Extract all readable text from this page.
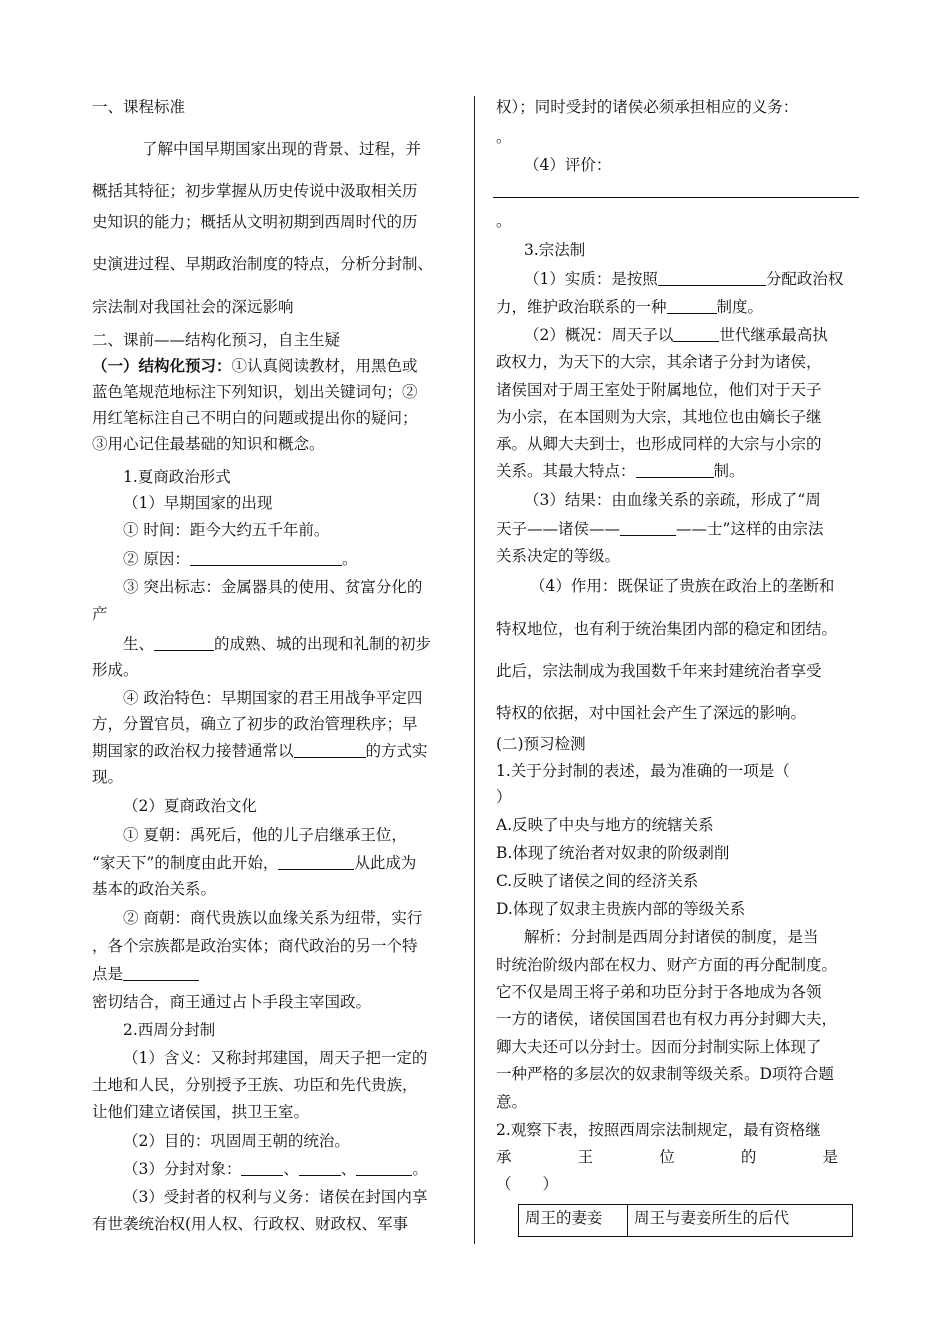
一、课程标准
了解中国早期国家出现的背景、过程，并
概括其特征；初步掌握从历史传说中汲取相关历
史知识的能力；概括从文明初期到西周时代的历
史演进过程、早期政治制度的特点，分析分封制、
宗法制对我国社会的深远影响
二、课前——结构化预习，自主生疑
（一）结构化预习：①认真阅读教材，用黑色或
蓝色笔规范地标注下列知识，划出关键词句；②
用红笔标注自己不明白的问题或提出你的疑问；
③用心记住最基础的知识和概念。
1.夏商政治形式
（1）早期国家的出现
① 时间：距今大约五千年前。
② 原因：	。
③ 突出标志：金属器具的使用、贫富分化的
产
生、	的成熟、城的出现和礼制的初步
形成。
④ 政治特色：早期国家的君王用战争平定四
方，分置官员，确立了初步的政治管理秩序；早
期国家的政治权力接替通常以	的方式实
现。
（2）夏商政治文化
① 夏朝：禹死后，他的儿子启继承王位，
“家天下”的制度由此开始，	从此成为
基本的政治关系。
② 商朝：商代贵族以血缘关系为纽带，实行
，各个宗族都是政治实体；商代政治的另一个特
点是
密切结合，商王通过占卜手段主宰国政。
2.西周分封制
（1）含义：又称封邦建国，周天子把一定的
土地和人民，分别授予王族、功臣和先代贵族，
让他们建立诸侯国，拱卫王室。
（2）目的：巩固周王朝的统治。
（3）分封对象：	、	、	。
（3）受封者的权利与义务：诸侯在封国内享
有世袭统治权(用人权、行政权、财政权、军事
权）；同时受封的诸侯必须承担相应的义务：
。
（4）评价：
。
3.宗法制
（1）实质：是按照	分配政治权
力，维护政治联系的一种	制度。
（2）概况：周天子以	世代继承最高执
政权力，为天下的大宗，其余诸子分封为诸侯，
诸侯国对于周王室处于附属地位，他们对于天子
为小宗，在本国则为大宗，其地位也由嫡长子继
承。从卿大夫到士，也形成同样的大宗与小宗的
关系。其最大特点：	制。
（3）结果：由血缘关系的亲疏，形成了“周
天子——诸侯——	——士”这样的由宗法
关系决定的等级。
（4）作用：既保证了贵族在政治上的垄断和
特权地位，也有利于统治集团内部的稳定和团结。
此后，宗法制成为我国数千年来封建统治者享受
特权的依据，对中国社会产生了深远的影响。
(二)预习检测
1.关于分封制的表述，最为准确的一项是（
）
A.反映了中央与地方的统辖关系
B.体现了统治者对奴隶的阶级剥削
C.反映了诸侯之间的经济关系
D.体现了奴隶主贵族内部的等级关系
解析：分封制是西周分封诸侯的制度，是当
时统治阶级内部在权力、财产方面的再分配制度。
它不仅是周王将子弟和功臣分封于各地成为各领
一方的诸侯，诸侯国国君也有权力再分封卿大夫，
卿大夫还可以分封士。因而分封制实际上体现了
一种严格的多层次的奴隶制等级关系。D项符合题
意。
2.观察下表，按照西周宗法制规定，最有资格继
承	王	位	的	是
（　　）
周王的妻妾	周王与妻妾所生的后代
